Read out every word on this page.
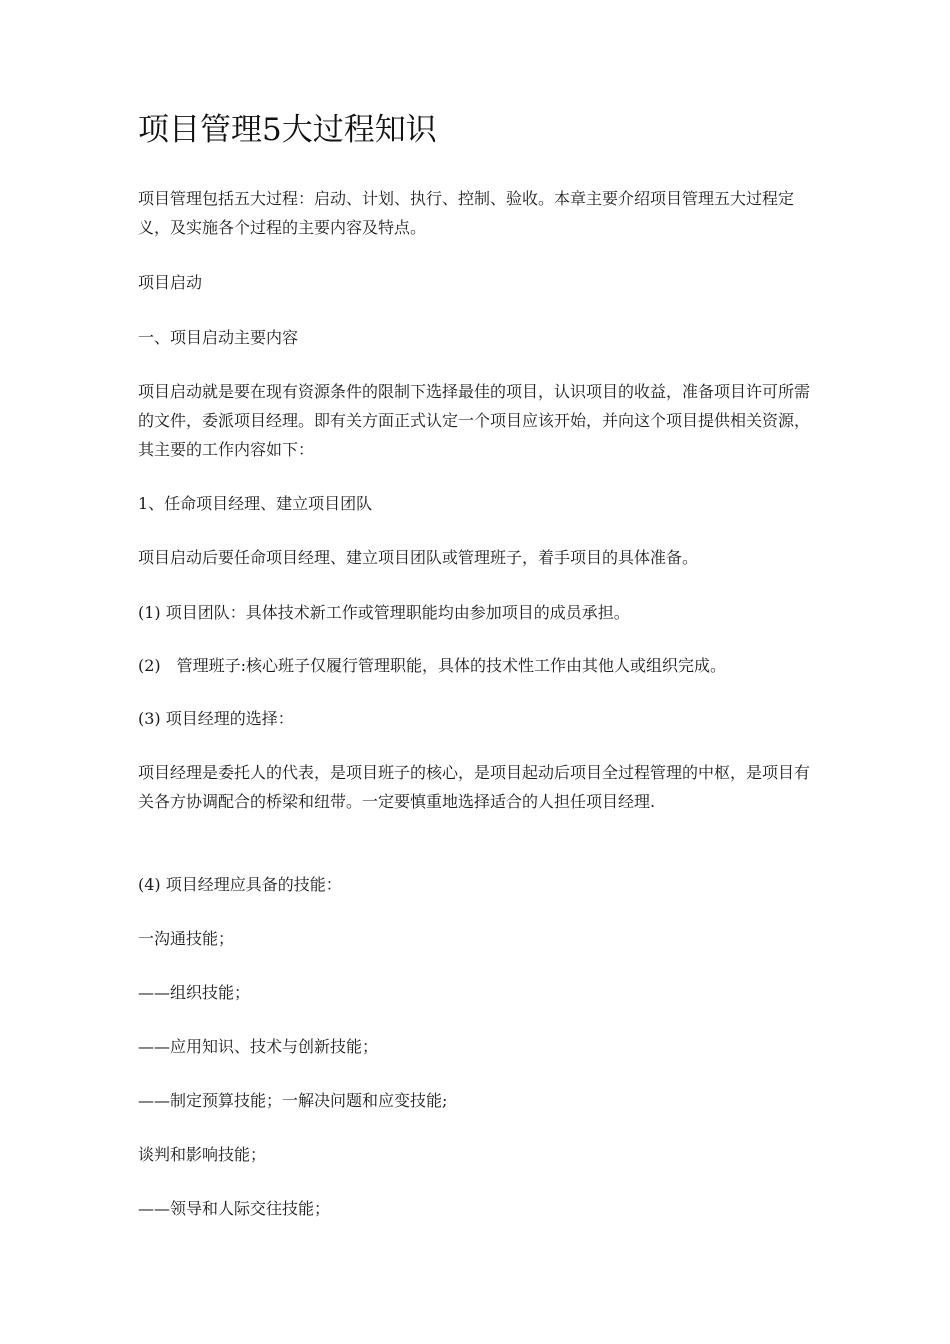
项目管理5大过程知识

项目管理包括五大过程：启动、计划、执行、控制、验收。本章主要介绍项目管理五大过程定义，及实施各个过程的主要内容及特点。

项目启动

一、项目启动主要内容

项目启动就是要在现有资源条件的限制下选择最佳的项目，认识项目的收益，准备项目许可所需的文件，委派项目经理。即有关方面正式认定一个项目应该开始，并向这个项目提供相关资源，其主要的工作内容如下：

1、任命项目经理、建立项目团队

项目启动后要任命项目经理、建立项目团队或管理班子，着手项目的具体准备。

(1) 项目团队：具体技术新工作或管理职能均由参加项目的成员承担。

(2)　管理班子:核心班子仅履行管理职能，具体的技术性工作由其他人或组织完成。

(3) 项目经理的选择：

项目经理是委托人的代表，是项目班子的核心，是项目起动后项目全过程管理的中枢，是项目有关各方协调配合的桥梁和纽带。一定要慎重地选择适合的人担任项目经理.

(4) 项目经理应具备的技能：

一沟通技能；

——组织技能；

——应用知识、技术与创新技能；

——制定预算技能；一解决问题和应变技能;

谈判和影响技能；

——领导和人际交往技能；
